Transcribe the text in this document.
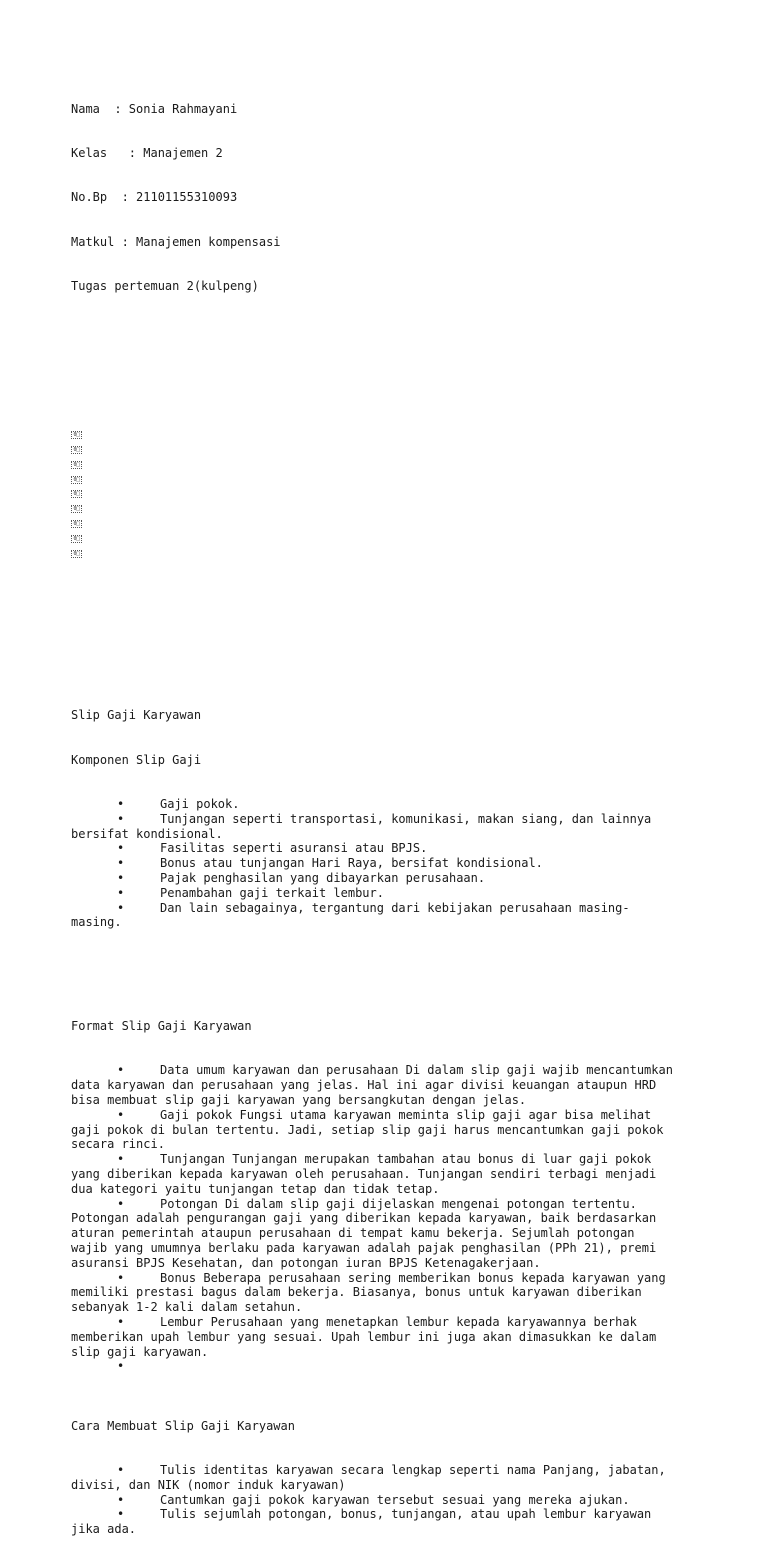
Nama  : Sonia Rahmayani

Kelas   : Manajemen 2

No.Bp  : 21101155310093

Matkul : Manajemen kompensasi

Tugas pertemuan 2(kulpeng)

0⃣
0⃣
0⃣
0⃣
0⃣
0⃣
0⃣
0⃣
0⃣

Slip Gaji Karyawan

Komponen Slip Gaji

•	Gaji pokok.
•	Tunjangan seperti transportasi, komunikasi, makan siang, dan lainnya
bersifat kondisional.
•	Fasilitas seperti asuransi atau BPJS.
•	Bonus atau tunjangan Hari Raya, bersifat kondisional.
•	Pajak penghasilan yang dibayarkan perusahaan.
•	Penambahan gaji terkait lembur.
•	Dan lain sebagainya, tergantung dari kebijakan perusahaan masing-
masing.

Format Slip Gaji Karyawan

•	Data umum karyawan dan perusahaan Di dalam slip gaji wajib mencantumkan
data karyawan dan perusahaan yang jelas. Hal ini agar divisi keuangan ataupun HRD
bisa membuat slip gaji karyawan yang bersangkutan dengan jelas.
•	Gaji pokok Fungsi utama karyawan meminta slip gaji agar bisa melihat
gaji pokok di bulan tertentu. Jadi, setiap slip gaji harus mencantumkan gaji pokok
secara rinci.
•	Tunjangan Tunjangan merupakan tambahan atau bonus di luar gaji pokok
yang diberikan kepada karyawan oleh perusahaan. Tunjangan sendiri terbagi menjadi
dua kategori yaitu tunjangan tetap dan tidak tetap.
•	Potongan Di dalam slip gaji dijelaskan mengenai potongan tertentu.
Potongan adalah pengurangan gaji yang diberikan kepada karyawan, baik berdasarkan
aturan pemerintah ataupun perusahaan di tempat kamu bekerja. Sejumlah potongan
wajib yang umumnya berlaku pada karyawan adalah pajak penghasilan (PPh 21), premi
asuransi BPJS Kesehatan, dan potongan iuran BPJS Ketenagakerjaan.
•	Bonus Beberapa perusahaan sering memberikan bonus kepada karyawan yang
memiliki prestasi bagus dalam bekerja. Biasanya, bonus untuk karyawan diberikan
sebanyak 1-2 kali dalam setahun.
•	Lembur Perusahaan yang menetapkan lembur kepada karyawannya berhak
memberikan upah lembur yang sesuai. Upah lembur ini juga akan dimasukkan ke dalam
slip gaji karyawan.
•

Cara Membuat Slip Gaji Karyawan

•	Tulis identitas karyawan secara lengkap seperti nama Panjang, jabatan,
divisi, dan NIK (nomor induk karyawan)
•	Cantumkan gaji pokok karyawan tersebut sesuai yang mereka ajukan.
•	Tulis sejumlah potongan, bonus, tunjangan, atau upah lembur karyawan
jika ada.
